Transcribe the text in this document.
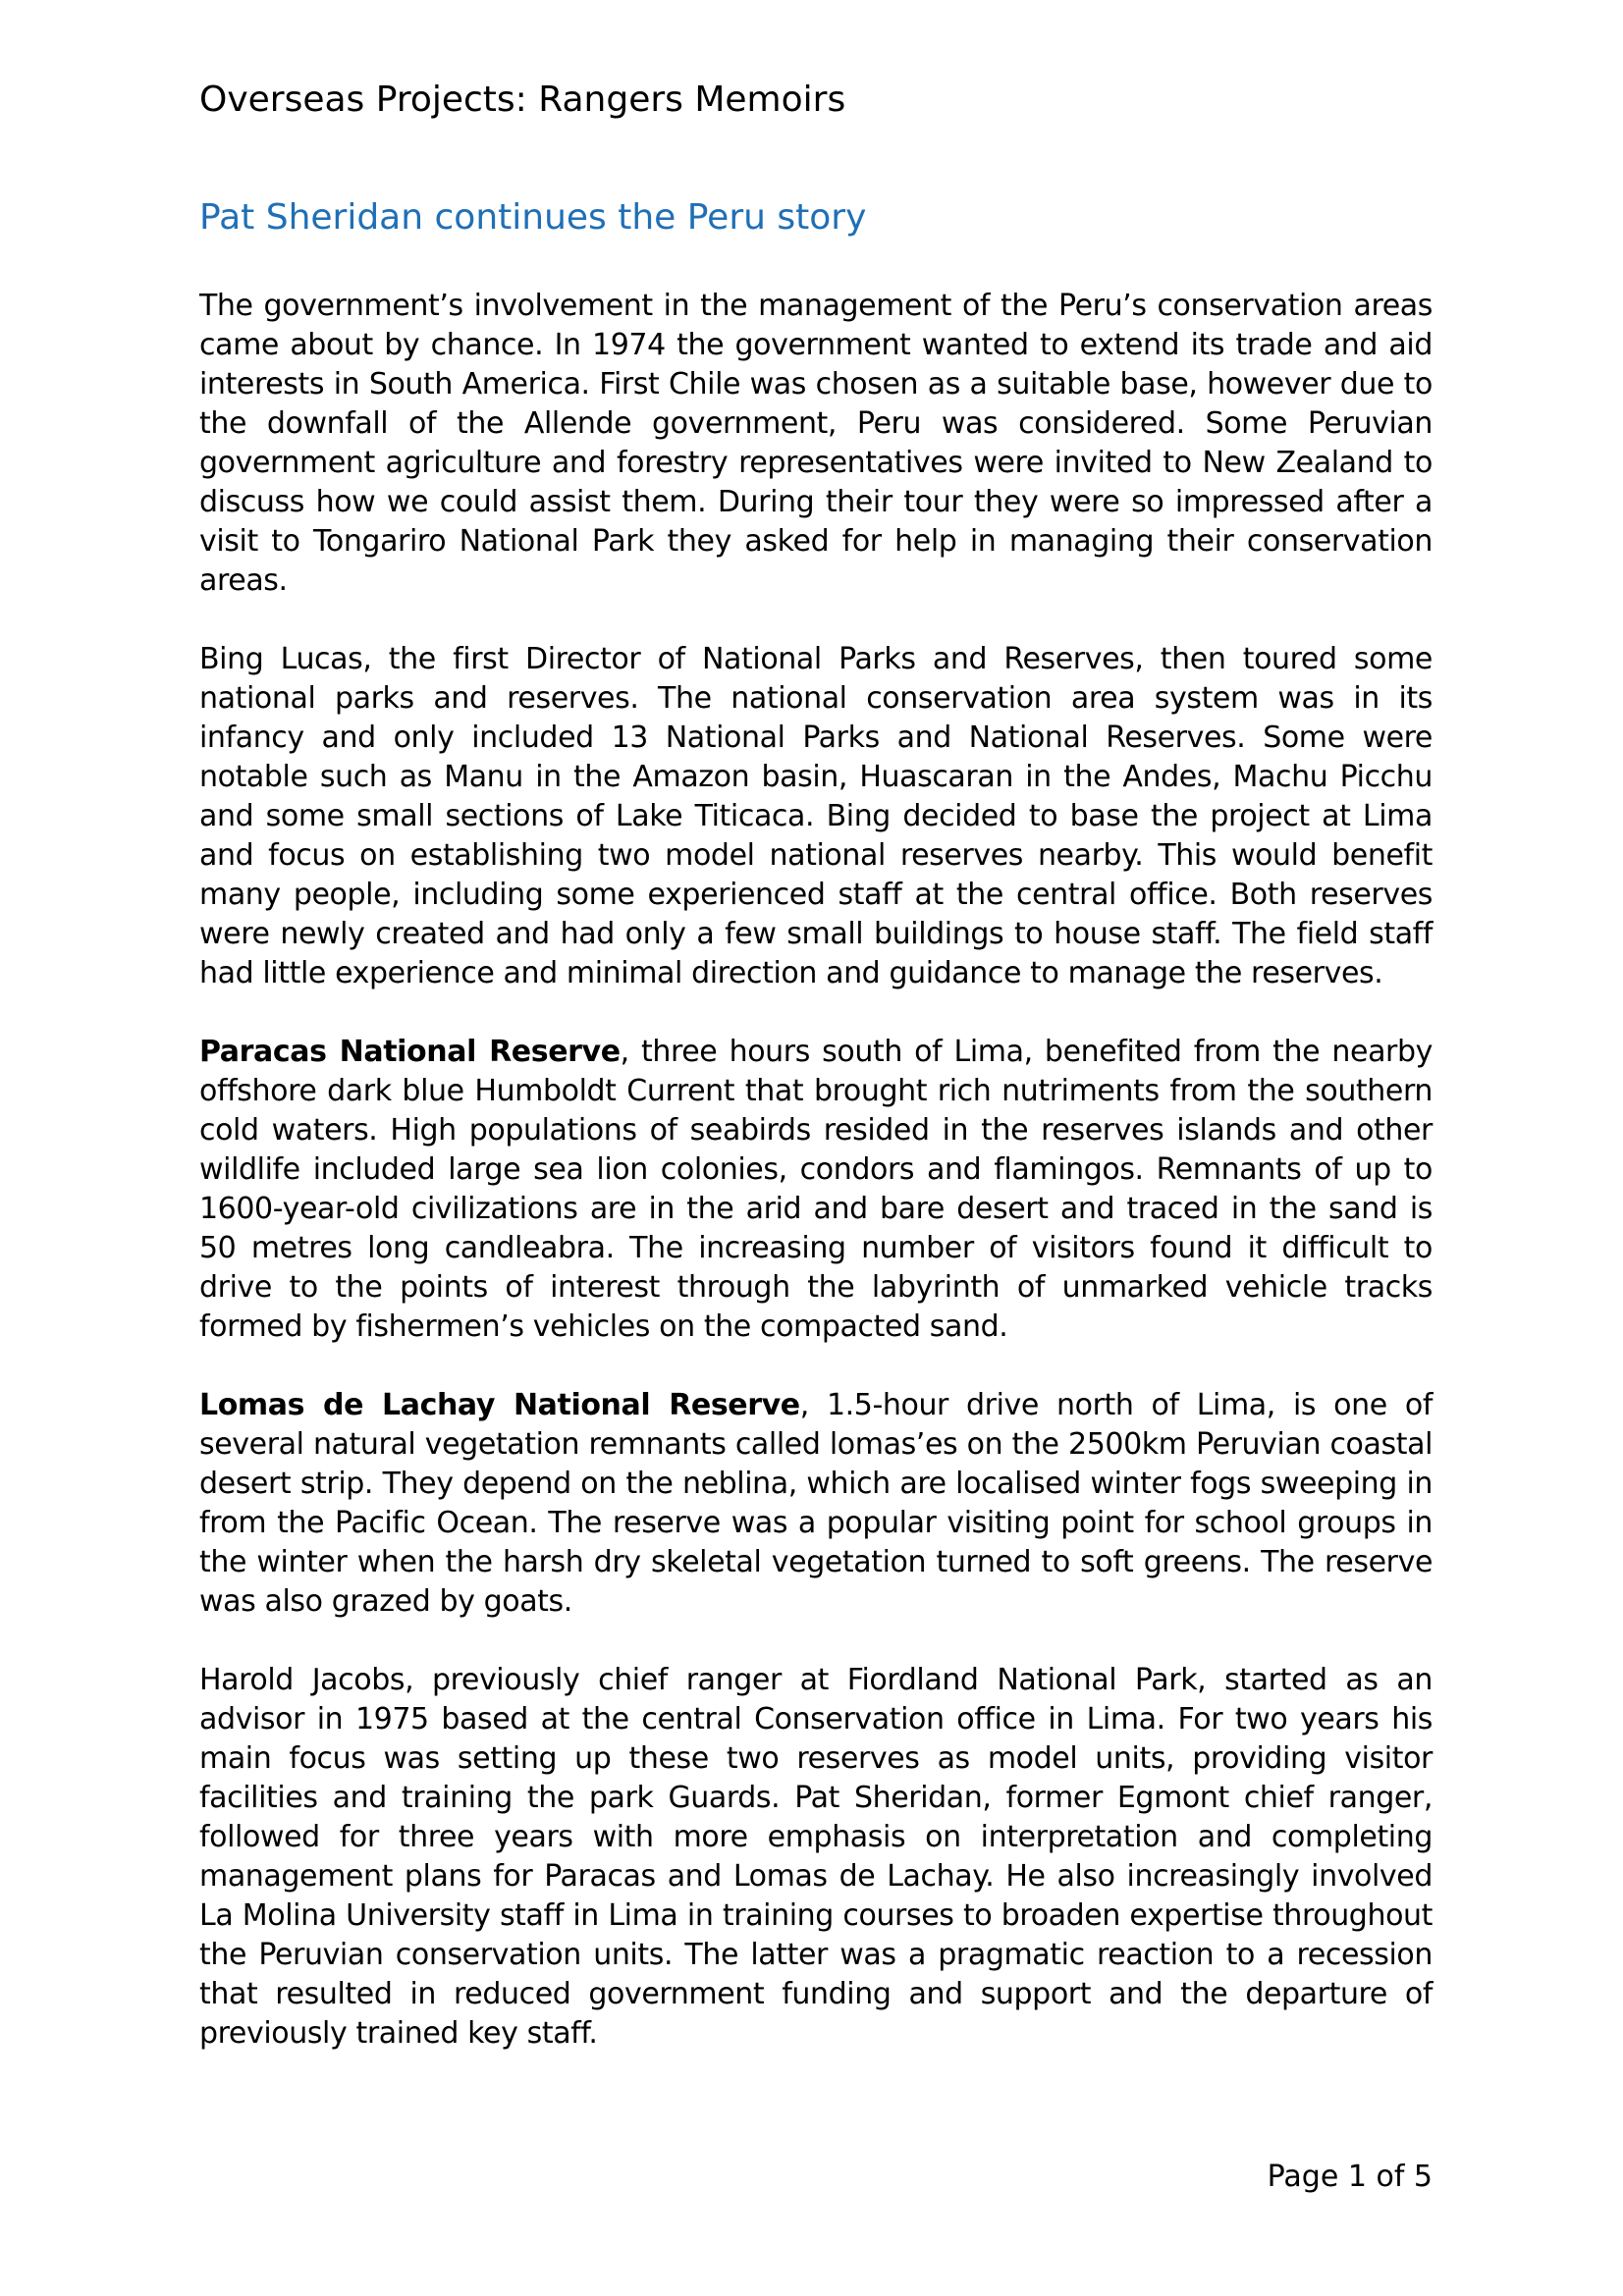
Overseas Projects: Rangers Memoirs
Pat Sheridan continues the Peru story

The government’s involvement in the management of the Peru’s conservation areas came about by chance. In 1974 the government wanted to extend its trade and aid interests in South America. First Chile was chosen as a suitable base, however due to the downfall of the Allende government, Peru was considered. Some Peruvian government agriculture and forestry representatives were invited to New Zealand to discuss how we could assist them. During their tour they were so impressed after a visit to Tongariro National Park they asked for help in managing their conservation areas.

Bing Lucas, the first Director of National Parks and Reserves, then toured some national parks and reserves. The national conservation area system was in its infancy and only included 13 National Parks and National Reserves. Some were notable such as Manu in the Amazon basin, Huascaran in the Andes, Machu Picchu and some small sections of Lake Titicaca. Bing decided to base the project at Lima and focus on establishing two model national reserves nearby. This would benefit many people, including some experienced staff at the central office. Both reserves were newly created and had only a few small buildings to house staff. The field staff had little experience and minimal direction and guidance to manage the reserves.

Paracas National Reserve, three hours south of Lima, benefited from the nearby offshore dark blue Humboldt Current that brought rich nutriments from the southern cold waters. High populations of seabirds resided in the reserves islands and other wildlife included large sea lion colonies, condors and flamingos. Remnants of up to 1600-year-old civilizations are in the arid and bare desert and traced in the sand is 50 metres long candleabra. The increasing number of visitors found it difficult to drive to the points of interest through the labyrinth of unmarked vehicle tracks formed by fishermen’s vehicles on the compacted sand.

Lomas de Lachay National Reserve, 1.5-hour drive north of Lima, is one of several natural vegetation remnants called lomas’es on the 2500km Peruvian coastal desert strip. They depend on the neblina, which are localised winter fogs sweeping in from the Pacific Ocean. The reserve was a popular visiting point for school groups in the winter when the harsh dry skeletal vegetation turned to soft greens. The reserve was also grazed by goats.

Harold Jacobs, previously chief ranger at Fiordland National Park, started as an advisor in 1975 based at the central Conservation office in Lima. For two years his main focus was setting up these two reserves as model units, providing visitor facilities and training the park Guards. Pat Sheridan, former Egmont chief ranger, followed for three years with more emphasis on interpretation and completing management plans for Paracas and Lomas de Lachay. He also increasingly involved La Molina University staff in Lima in training courses to broaden expertise throughout the Peruvian conservation units. The latter was a pragmatic reaction to a recession that resulted in reduced government funding and support and the departure of previously trained key staff.

Page 1 of 5
